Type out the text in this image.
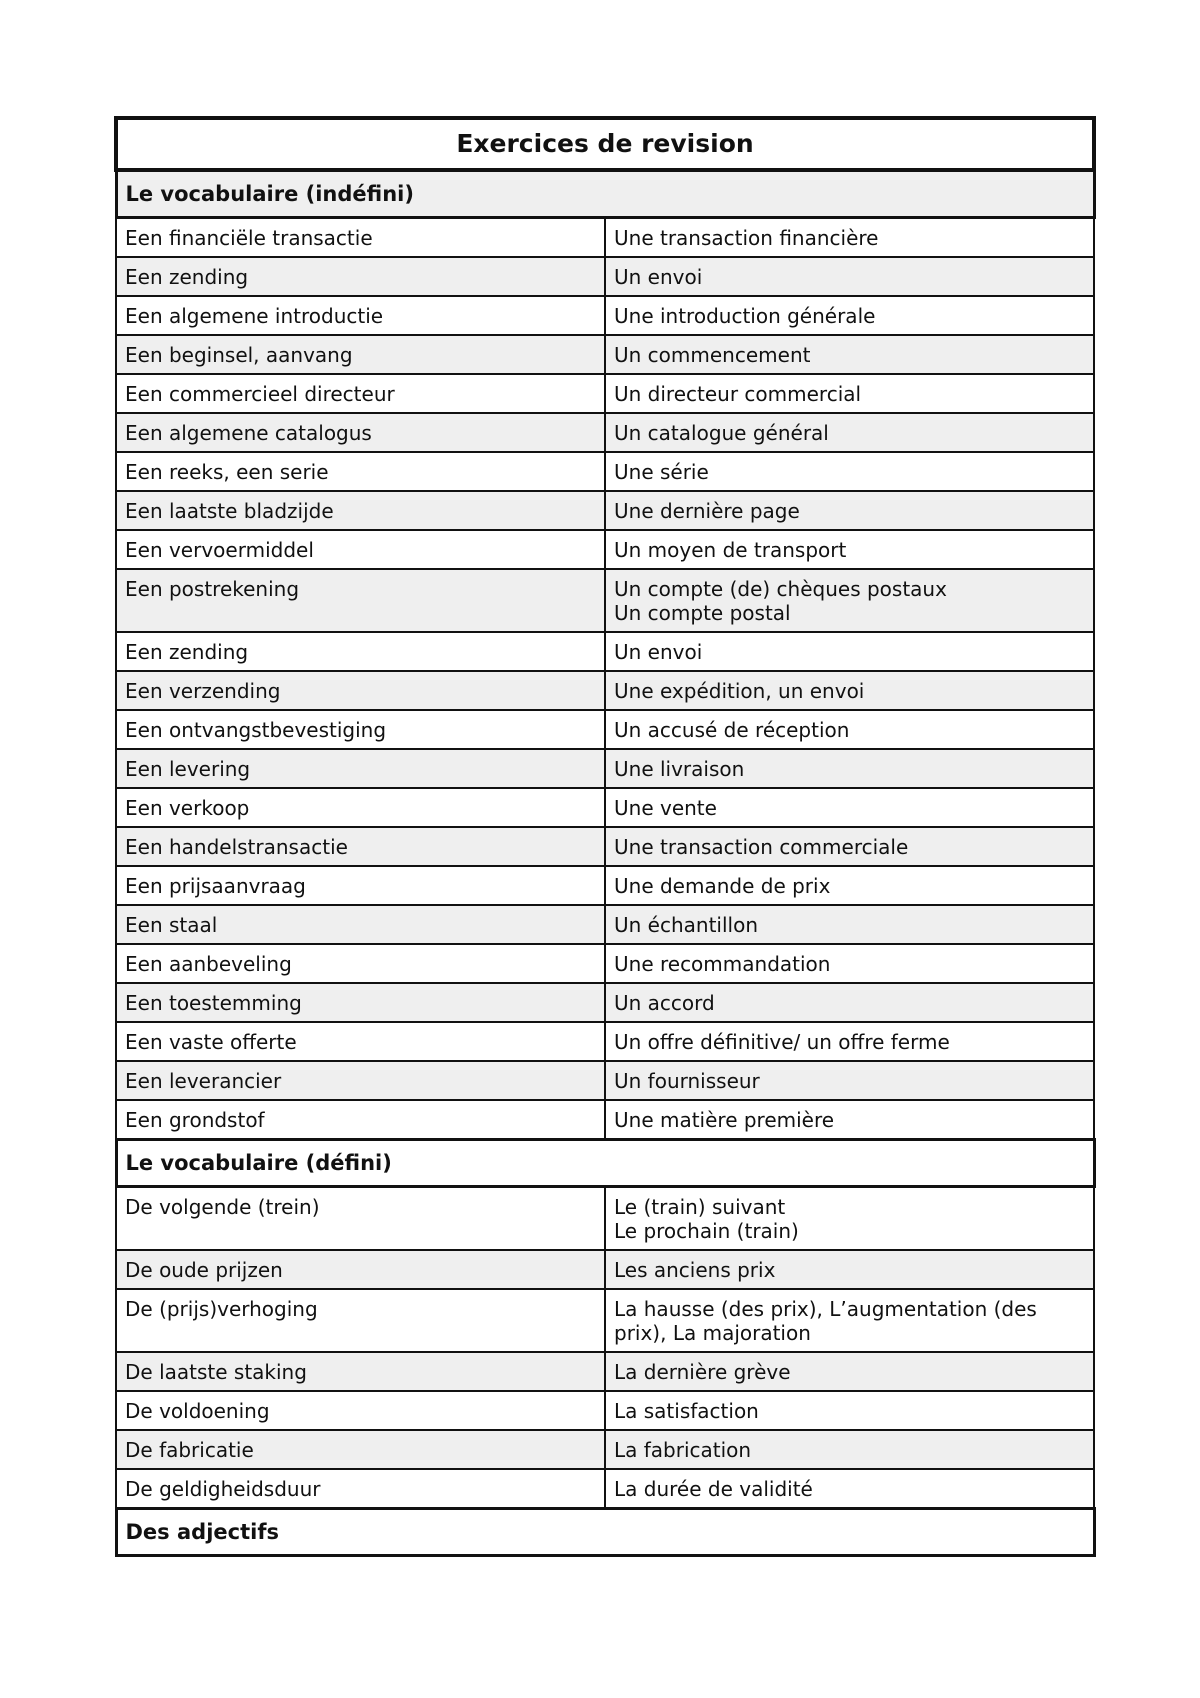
Exercices de revision	
Le vocabulaire (indéfini)	
Een financiële transactie	Une transaction financière

Een zending	Un envoi

Een algemene introductie	Une introduction générale

Een beginsel, aanvang	Un commencement

Een commercieel directeur	Un directeur commercial

Een algemene catalogus	Un catalogue général

Een reeks, een serie	Une série

Een laatste bladzijde	Une dernière page

Een vervoermiddel	Un moyen de transport

Een postrekening	Un compte (de) chèques postaux
Un compte postal

Een zending	Un envoi

Een verzending	Une expédition, un envoi

Een ontvangstbevestiging	Un accusé de réception

Een levering	Une livraison

Een verkoop	Une vente

Een handelstransactie	Une transaction commerciale

Een prijsaanvraag	Une demande de prix

Een staal	Un échantillon

Een aanbeveling	Une recommandation

Een toestemming	Un accord

Een vaste offerte	Un offre définitive/ un offre ferme

Een leverancier	Un fournisseur

Een grondstof	Une matière première

Le vocabulaire (défini)	
De volgende (trein)	Le (train) suivant
Le prochain (train)

De oude prijzen	Les anciens prix

De (prijs)verhoging	La hausse (des prix), L’augmentation (des
prix), La majoration

De laatste staking	La dernière grève

De voldoening	La satisfaction

De fabricatie	La fabrication

De geldigheidsduur	La durée de validité

Des adjectifs	
